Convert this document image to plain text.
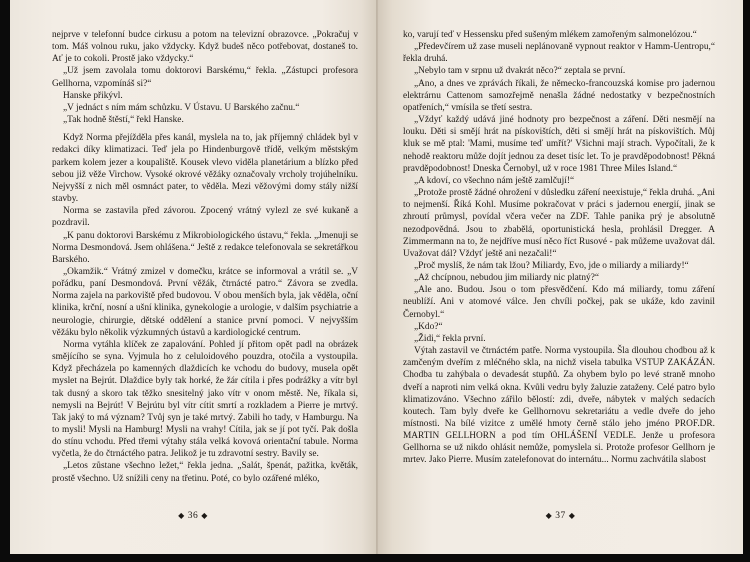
nejprve v telefonní budce cirkusu a potom na televizní obrazovce. „Pokračuj v tom. Máš volnou ruku, jako vždycky. Když budeš něco potřebovat, dostaneš to. Ať je to cokoli. Prostě jako vždycky.“

„Už jsem zavolala tomu doktorovi Barskému,“ řekla. „Zástupci profesora Gellhorna, vzpomínáš si?“

Hanske přikývl.

„V jednáct s ním mám schůzku. V Ústavu. U Barského začnu.“

„Tak hodně štěstí,“ řekl Hanske.

Když Norma přejížděla přes kanál, myslela na to, jak příjemný chládek byl v redakci díky klimatizaci. Teď jela po Hindenburgově třídě, velkým městským parkem kolem jezer a koupaliště. Kousek vlevo viděla planetárium a blízko před sebou již věže Virchow. Vysoké okrové věžáky označovaly vrcholy trojúhelníku. Nejvyšší z nich měl osmnáct pater, to věděla. Mezi věžovými domy stály nižší stavby.

Norma se zastavila před závorou. Zpocený vrátný vylezl ze své kukaně a pozdravil.

„K panu doktorovi Barskému z Mikrobiologického ústavu,“ řekla. „Jmenuji se Norma Desmondová. Jsem ohlášena.“ Ještě z redakce telefonovala se sekretářkou Barského.

„Okamžik.“ Vrátný zmizel v domečku, krátce se informoval a vrátil se. „V pořádku, paní Desmondová. První věžák, čtrnácté patro.“ Závora se zvedla. Norma zajela na parkoviště před budovou. V obou menších byla, jak věděla, oční klinika, krční, nosní a ušní klinika, gynekologie a urologie, v dalším psychiatrie a neurologie, chirurgie, dětské oddělení a stanice první pomoci. V nejvyšším věžáku bylo několik výzkumných ústavů a kardiologické centrum.

Norma vytáhla klíček ze zapalování. Pohled jí přitom opět padl na obrázek smějícího se syna. Vyjmula ho z celuloidového pouzdra, otočila a vystoupila. Když přecházela po kamenných dlaždicích ke vchodu do budovy, musela opět myslet na Bejrút. Dlaždice byly tak horké, že žár cítila i přes podrážky a vítr byl tak dusný a skoro tak těžko snesitelný jako vítr v onom městě. Ne, říkala si, nemysli na Bejrút! V Bejrútu byl vítr cítit smrtí a rozkladem a Pierre je mrtvý. Tak jaký to má význam? Tvůj syn je také mrtvý. Zabili ho tady, v Hamburgu. Na to mysli! Mysli na Hamburg! Mysli na vrahy! Cítila, jak se jí pot tyčí. Pak došla do stínu vchodu. Před třemi výtahy stála velká kovová orientační tabule. Norma vyčetla, že do čtrnáctého patra. Jelikož je tu zdravotní sestry. Bavily se.

„Letos zůstane všechno ležet,“ řekla jedna. „Salát, špenát, pažitka, květák, prostě všechno. Už snížili ceny na třetinu. Poté, co bylo ozářené mléko,

◆ 36 ◆

ko, varují teď v Hessensku před sušeným mlékem zamořeným salmonelózou.“

„Předevčírem už zase museli neplánovaně vypnout reaktor v Hamm-Uentropu,“ řekla druhá.

„Nebylo tam v srpnu už dvakrát něco?“ zeptala se první.

„Ano, a dnes ve zprávách říkali, že německo-francouzská komise pro jadernou elektrárnu Cattenom samozřejmě nenašla žádné nedostatky v bezpečnostních opatřeních,“ vmísila se třetí sestra.

„Vždyť každý udává jiné hodnoty pro bezpečnost a záření. Děti nesmějí na louku. Děti si smějí hrát na pískovištích, děti si smějí hrát na pískovištích. Můj kluk se mě ptal: 'Mami, musíme teď umřít?' Všichni mají strach. Vypočítali, že k nehodě reaktoru může dojít jednou za deset tisíc let. To je pravděpodobnost! Pěkná pravděpodobnost! Dneska Černobyl, už v roce 1981 Three Miles Island.“

„A kdoví, co všechno nám ještě zamlčují!“

„Protože prostě žádné ohrožení v důsledku záření neexistuje,“ řekla druhá. „Ani to nejmenší. Říká Kohl. Musíme pokračovat v práci s jadernou energií, jinak se zhroutí průmysl, povídal včera večer na ZDF. Tahle panika prý je absolutně nezodpovědná. Jsou to zbabělá, oportunistická hesla, prohlásil Dregger. A Zimmermann na to, že nejdříve musí něco říct Rusové - pak můžeme uvažovat dál. Uvažovat dál? Vždyť ještě ani nezačali!“

„Proč myslíš, že nám tak lžou? Miliardy, Evo, jde o miliardy a miliardy!“

„Až chcípnou, nebudou jim miliardy nic platný?“

„Ale ano. Budou. Jsou o tom přesvědčení. Kdo má miliardy, tomu záření neublíží. Ani v atomové válce. Jen chvíli počkej, pak se ukáže, kdo zavinil Černobyl.“

„Kdo?“

„Židi,“ řekla první.

Výtah zastavil ve čtrnáctém patře. Norma vystoupila. Šla dlouhou chodbou až k zamčeným dveřím z mléčného skla, na nichž visela tabulka VSTUP ZAKÁZÁN. Chodba tu zahýbala o devadesát stupňů. Za ohybem bylo po levé straně mnoho dveří a naproti nim velká okna. Kvůli vedru byly žaluzie zataženy. Celé patro bylo klimatizováno. Všechno zářilo bělostí: zdi, dveře, nábytek v malých sedacích koutech. Tam byly dveře ke Gellhornovu sekretariátu a vedle dveře do jeho místnosti. Na bílé vizitce z umělé hmoty černě stálo jeho jméno PROF.DR. MARTIN GELLHORN a pod tím OHLÁŠENÍ VEDLE. Jenže u profesora Gellhorna se už nikdo ohlásit nemůže, pomyslela si. Protože profesor Gellhorn je mrtev. Jako Pierre. Musím zatelefonovat do internátu... Normu zachvátila slabost

◆ 37 ◆
